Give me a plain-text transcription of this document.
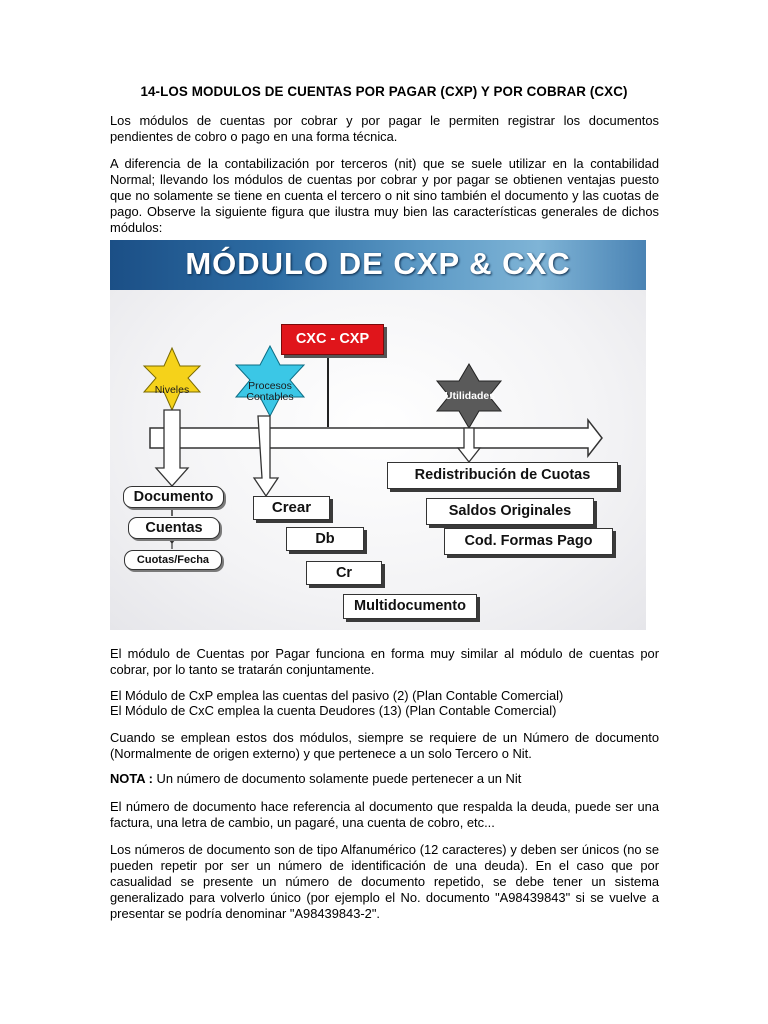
14-LOS MODULOS DE CUENTAS POR PAGAR (CXP) Y POR COBRAR (CXC)
Los módulos de cuentas por cobrar y por pagar le permiten registrar los documentos pendientes de cobro o pago en una forma técnica.
A diferencia de la contabilización por terceros (nit) que se suele utilizar en la contabilidad Normal; llevando los módulos de cuentas por cobrar y por pagar se obtienen ventajas puesto que no solamente se tiene en cuenta el tercero o nit sino también el documento y las cuotas de pago. Observe la siguiente figura que ilustra muy bien las características generales de dichos módulos:
MÓDULO DE CXP & CXC
CXC - CXP
Niveles	Procesos Contables	Utilidades
Documento
Cuentas
Cuotas/Fecha
Crear
Db
Cr
Multidocumento
Redistribución de Cuotas
Saldos Originales
Cod. Formas Pago
El módulo de Cuentas por Pagar funciona en forma muy similar al módulo de cuentas por cobrar, por lo tanto se tratarán conjuntamente.
El Módulo de CxP emplea las cuentas del pasivo (2) (Plan Contable Comercial)
El Módulo de CxC emplea la cuenta Deudores (13) (Plan Contable Comercial)
Cuando se emplean estos dos módulos, siempre se requiere de un Número de documento (Normalmente de origen externo) y que pertenece a un solo Tercero o Nit.
NOTA : Un número de documento solamente puede pertenecer a un Nit
El número de documento hace referencia al documento que respalda la deuda, puede ser una factura, una letra de cambio, un pagaré, una cuenta de cobro, etc...
Los números de documento son de tipo Alfanumérico (12 caracteres) y deben ser únicos (no se pueden repetir por ser un número de identificación de una deuda). En el caso que por casualidad se presente un número de documento repetido, se debe tener un sistema generalizado para volverlo único (por ejemplo el No. documento "A98439843" si se vuelve a presentar se podría denominar "A98439843-2".
